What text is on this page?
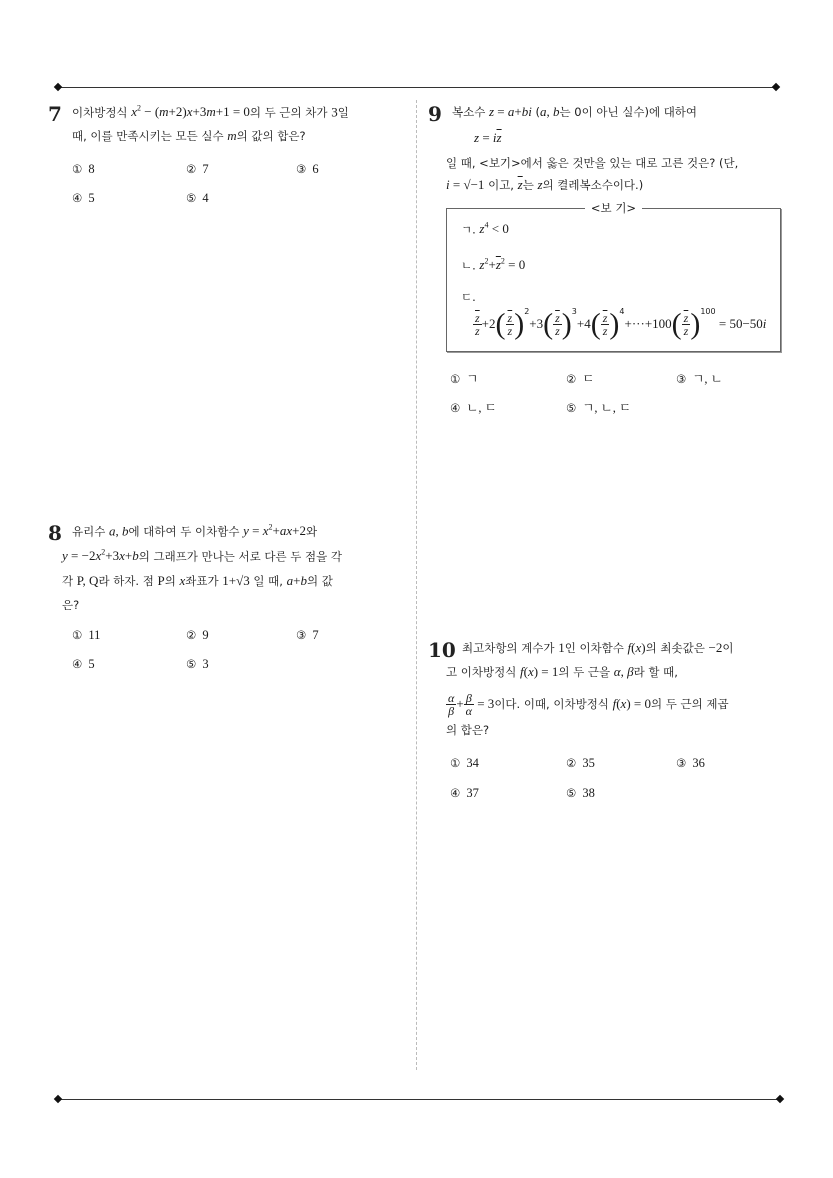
7 이차방정식 $x^2 - (m+2)x+3m+1 = 0$의 두 근의 차가 3일
때, 이를 만족시키는 모든 실수 m의 값의 합은?
① 8	② 7	③ 6
④ 5	⑤ 4
8 유리수 a, b에 대하여 두 이차함수 $y = x^2+ax+2$와
$y = -2x^2+3x+b$의 그래프가 만나는 서로 다른 두 점을 각
각 P, Q라 하자. 점 P의 x좌표가 1+√3 일 때, a+b의 값
은?
① 11	② 9	③ 7
④ 5	⑤ 3
9 복소수 z = a+bi (a, b는 0이 아닌 실수)에 대하여
$z = i\overline{z}$
일 때, <보기>에서 옳은 것만을 있는 대로 고른 것은? (단,
i = √−1 이고, $\overline{z}$는 z의 켤레복소수이다.)
<보 기>
ㄱ. $z^4 < 0$
ㄴ. $z^2+\overline{z}^2 = 0$
ㄷ.
$\frac{\overline{z}}{z} +2( \frac{\overline{z}}{z} )^2+3( \frac{\overline{z}}{z} )^3+4( \frac{\overline{z}}{z} )^4+\cdot\cdot\cdot+100( \frac{\overline{z}}{z} )^{100} = 50-50i$
① ㄱ	② ㄷ	③ ㄱ, ㄴ
④ ㄴ, ㄷ	⑤ ㄱ, ㄴ, ㄷ
10 최고차항의 계수가 1인 이차함수 f(x)의 최솟값은 −2이
고 이차방정식 f(x) = 1의 두 근을 α, β라 할 때,
$\frac{\alpha}{\beta} + \frac{\beta}{\alpha} = 3$이다. 이때, 이차방정식 f(x) = 0의 두 근의 제곱
의 합은?
① 34	② 35	③ 36
④ 37	⑤ 38
